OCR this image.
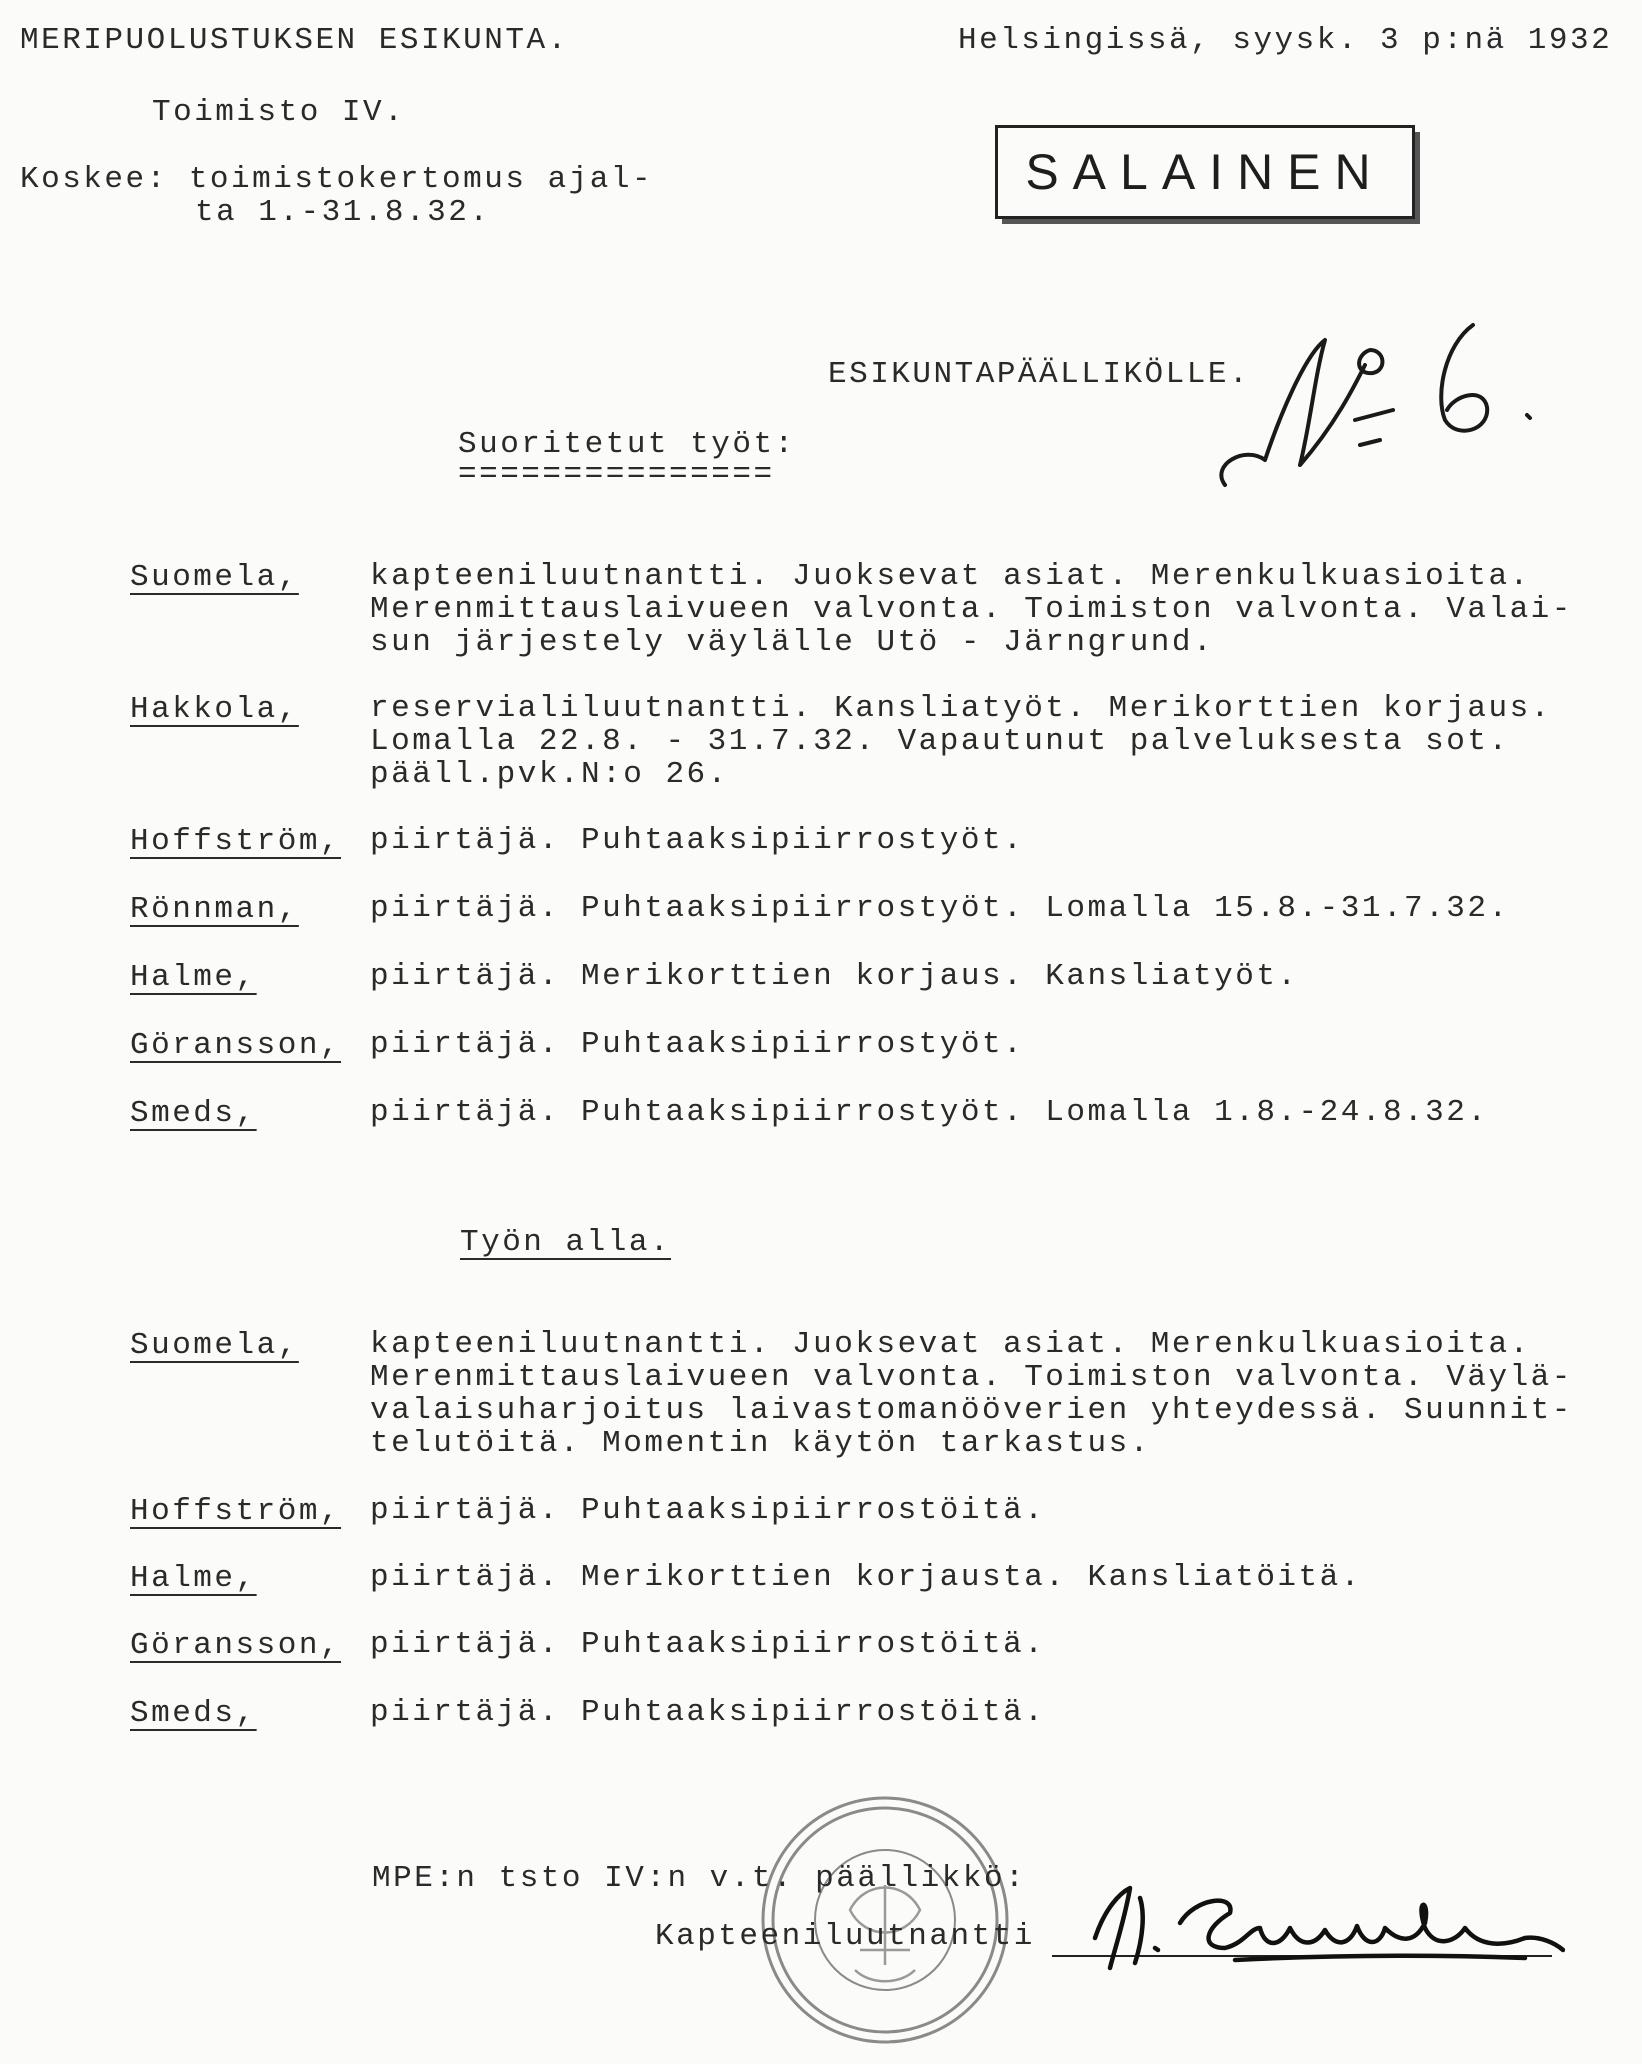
MERIPUOLUSTUKSEN ESIKUNTA.	Helsingissä, syysk. 3 p:nä 1932
Toimisto IV.
Koskee: toimistokertomus ajal-
ta 1.-31.8.32.
SALAINEN
ESIKUNTAPÄÄLLIKÖLLE.
Suoritetut työt:
===============
Suomela, kapteeniluutnantti. Juoksevat asiat. Merenkulkuasioita.
Merenmittauslaivueen valvonta. Toimiston valvonta. Valai-
sun järjestely väylälle Utö - Järngrund.
Hakkola, reservialiluutnantti. Kansliatyöt. Merikorttien korjaus.
Lomalla 22.8. - 31.7.32. Vapautunut palveluksesta sot.
pääll.pvk.N:o 26.
Hoffström, piirtäjä. Puhtaaksipiirrostyöt.
Rönnman, piirtäjä. Puhtaaksipiirrostyöt. Lomalla 15.8.-31.7.32.
Halme,	piirtäjä. Merikorttien korjaus. Kansliatyöt.
Göransson, piirtäjä. Puhtaaksipiirrostyöt.
Smeds,	piirtäjä. Puhtaaksipiirrostyöt. Lomalla 1.8.-24.8.32.
Työn alla.
Suomela, kapteeniluutnantti. Juoksevat asiat. Merenkulkuasioita.
Merenmittauslaivueen valvonta. Toimiston valvonta. Väylä-
valaisuharjoitus laivastomanööverien yhteydessä. Suunnit-
telutöitä. Momentin käytön tarkastus.
Hoffström, piirtäjä. Puhtaaksipiirrostöitä.
Halme,	piirtäjä. Merikorttien korjausta. Kansliatöitä.
Göransson, piirtäjä. Puhtaaksipiirrostöitä.
Smeds,	piirtäjä. Puhtaaksipiirrostöitä.
MPE:n tsto IV:n v.t. päällikkö:
Kapteeniluutnantti
